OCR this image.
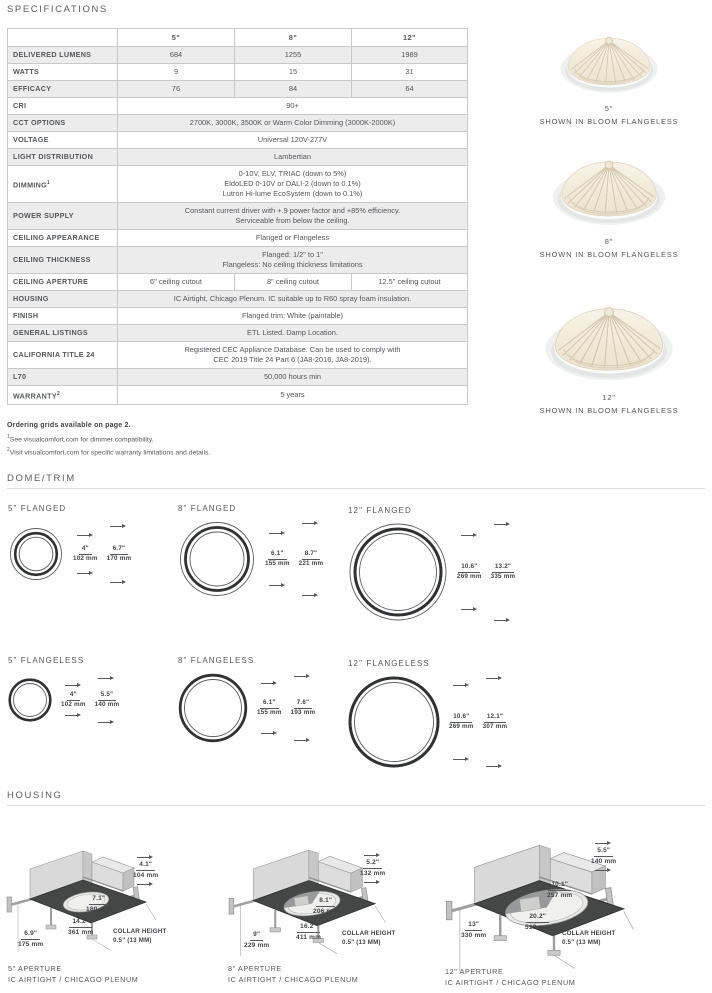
SPECIFICATIONS
	5"	8"	12"
DELIVERED LUMENS	684	1255	1989
WATTS	9	15	31
EFFICACY	76	84	64
CRI	90+		
CCT OPTIONS	2700K, 3000K, 3500K or Warm Color Dimming (3000K-2000K)		
VOLTAGE	Universal 120V-277V		
LIGHT DISTRIBUTION	Lambertian		
DIMMING$^1$	0-10V, ELV, TRIAC (down to 5%)
EldoLED 0-10V or DALI-2 (down to 0.1%)
Lutron Hi-lume EcoSystem (down to 0.1%)		

POWER SUPPLY	Constant current driver with +.9 power factor and +85% efficiency.
Serviceable from below the ceiling.		

CEILING APPEARANCE	Flanged or Flangeless		
CEILING THICKNESS	Flanged: 1/2" to 1"
Flangeless: No ceiling thickness limitations		

CEILING APERTURE	6" ceiling cutout	8" ceiling cutout	12.5" ceiling cutout
HOUSING	IC Airtight, Chicago Plenum. IC suitable up to R60 spray foam insulation.		
FINISH	Flanged trim: White (paintable)		
GENERAL LISTINGS	ETL Listed. Damp Location.		
CALIFORNIA TITLE 24	Registered CEC Appliance Database. Can be used to comply with
CEC 2019 Title 24 Part 6 (JA8-2016, JA8-2019).		

L70	50,000 hours min		
WARRANTY$^2$	5 years		
Ordering grids available on page 2.
$^1$See visualcomfort.com for dimmer compatibility.
$^2$Visit visualcomfort.com for specific warranty limitations and details.
5"
SHOWN IN BLOOM FLANGELESS
8"
SHOWN IN BLOOM FLANGELESS
12"
SHOWN IN BLOOM FLANGELESS
DOME/TRIM
5" FLANGED
4"
102 mm
6.7"
170 mm
8" FLANGED
6.1"
155 mm
8.7"
221 mm
12" FLANGED
10.6"
269 mm
13.2"
335 mm
5" FLANGELESS
4"
102 mm
5.5"
140 mm
8" FLANGELESS
6.1"
155 mm
7.6"
193 mm
12" FLANGELESS
10.6"
269 mm
12.1"
307 mm
HOUSING
4.1"
104 mm
7.1"
180 mm
14.2"
361 mm
6.9"
175 mm
COLLAR HEIGHT
0.5" (13 MM)
5" APERTURE
IC AIRTIGHT / CHICAGO PLENUM
5.2"
132 mm
8.1"
206 mm
16.2"
411 mm
9"
229 mm
COLLAR HEIGHT
0.5" (13 MM)
8" APERTURE
IC AIRTIGHT / CHICAGO PLENUM
5.5"
140 mm
10.1"
257 mm
20.2"
513 mm
13"
330 mm	COLLAR HEIGHT
0.5" (13 MM)
12" APERTURE
IC AIRTIGHT / CHICAGO PLENUM
